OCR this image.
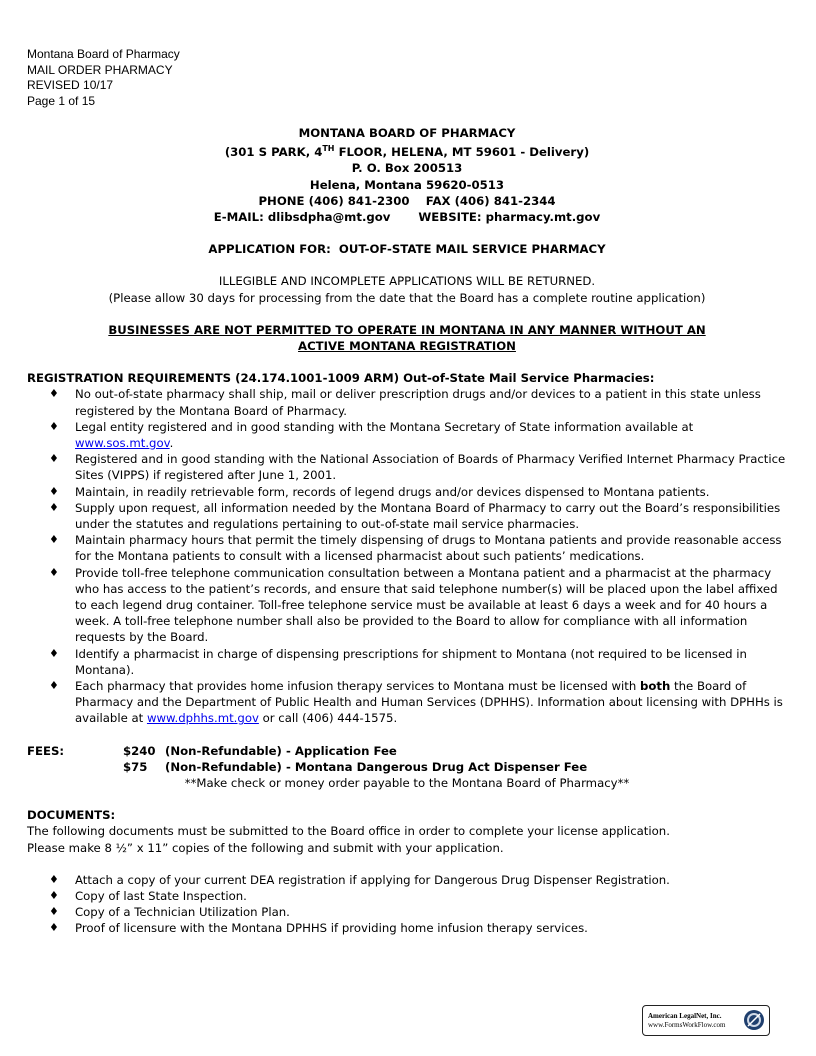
Montana Board of Pharmacy
MAIL ORDER PHARMACY
REVISED 10/17
Page 1 of 15
MONTANA BOARD OF PHARMACY
(301 S PARK, 4TH FLOOR, HELENA, MT 59601 - Delivery)
P. O. Box 200513
Helena, Montana 59620-0513
PHONE (406) 841-2300    FAX (406) 841-2344
E-MAIL: dlibsdpha@mt.gov WEBSITE: pharmacy.mt.gov
APPLICATION FOR:  OUT-OF-STATE MAIL SERVICE PHARMACY
ILLEGIBLE AND INCOMPLETE APPLICATIONS WILL BE RETURNED.
(Please allow 30 days for processing from the date that the Board has a complete routine application)
BUSINESSES ARE NOT PERMITTED TO OPERATE IN MONTANA IN ANY MANNER WITHOUT AN
ACTIVE MONTANA REGISTRATION
REGISTRATION REQUIREMENTS (24.174.1001-1009 ARM) Out-of-State Mail Service Pharmacies:
♦ No out-of-state pharmacy shall ship, mail or deliver prescription drugs and/or devices to a patient in this state unless registered by the Montana Board of Pharmacy.
♦ Legal entity registered and in good standing with the Montana Secretary of State information available at www.sos.mt.gov.
♦ Registered and in good standing with the National Association of Boards of Pharmacy Verified Internet Pharmacy Practice Sites (VIPPS) if registered after June 1, 2001.
♦ Maintain, in readily retrievable form, records of legend drugs and/or devices dispensed to Montana patients.
♦ Supply upon request, all information needed by the Montana Board of Pharmacy to carry out the Board’s responsibilities under the statutes and regulations pertaining to out-of-state mail service pharmacies.
♦ Maintain pharmacy hours that permit the timely dispensing of drugs to Montana patients and provide reasonable access for the Montana patients to consult with a licensed pharmacist about such patients’ medications.
♦ Provide toll-free telephone communication consultation between a Montana patient and a pharmacist at the pharmacy who has access to the patient’s records, and ensure that said telephone number(s) will be placed upon the label affixed to each legend drug container. Toll-free telephone service must be available at least 6 days a week and for 40 hours a week. A toll-free telephone number shall also be provided to the Board to allow for compliance with all information requests by the Board.
♦ Identify a pharmacist in charge of dispensing prescriptions for shipment to Montana (not required to be licensed in Montana).
♦ Each pharmacy that provides home infusion therapy services to Montana must be licensed with both the Board of Pharmacy and the Department of Public Health and Human Services (DPHHS). Information about licensing with DPHHs is available at www.dphhs.mt.gov or call (406) 444-1575.
FEES:	$240 (Non-Refundable) - Application Fee
$75	(Non-Refundable) - Montana Dangerous Drug Act Dispenser Fee
**Make check or money order payable to the Montana Board of Pharmacy**
DOCUMENTS:
The following documents must be submitted to the Board office in order to complete your license application.
Please make 8 ½” x 11” copies of the following and submit with your application.
♦ Attach a copy of your current DEA registration if applying for Dangerous Drug Dispenser Registration.
♦ Copy of last State Inspection.
♦ Copy of a Technician Utilization Plan.
♦ Proof of licensure with the Montana DPHHS if providing home infusion therapy services.
American LegalNet, Inc.
www.FormsWorkFlow.com
